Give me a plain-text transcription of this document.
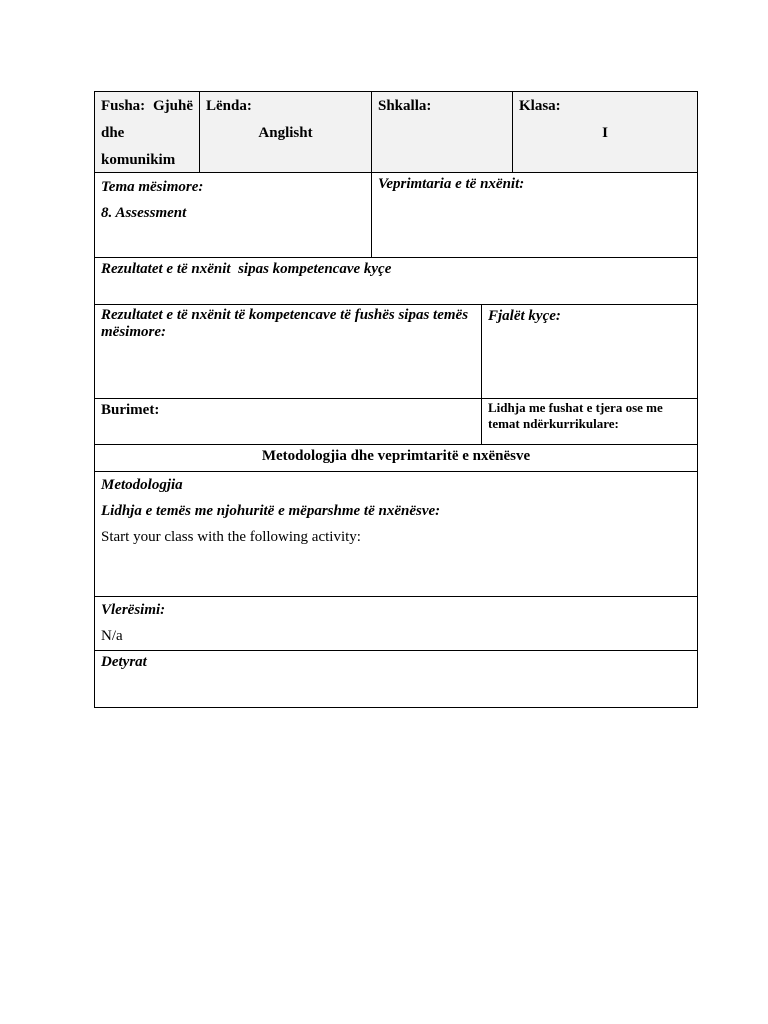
Fusha: Gjuhë
dhe
komunikim
Lënda:
Anglisht
Shkalla:	Klasa:
I
Tema mësimore:
8. Assessment
Veprimtaria e të nxënit:
Rezultatet e të nxënit  sipas kompetencave kyçe
Rezultatet e të nxënit të kompetencave të fushës sipas temës mësimore:
Fjalët kyçe:
Burimet:	Lidhja me fushat e tjera ose me temat ndërkurrikulare:
Metodologjia dhe veprimtaritë e nxënësve
Metodologjia
Lidhja e temës me njohuritë e mëparshme të nxënësve:
Start your class with the following activity:
Vlerësimi:
N/a
Detyrat
